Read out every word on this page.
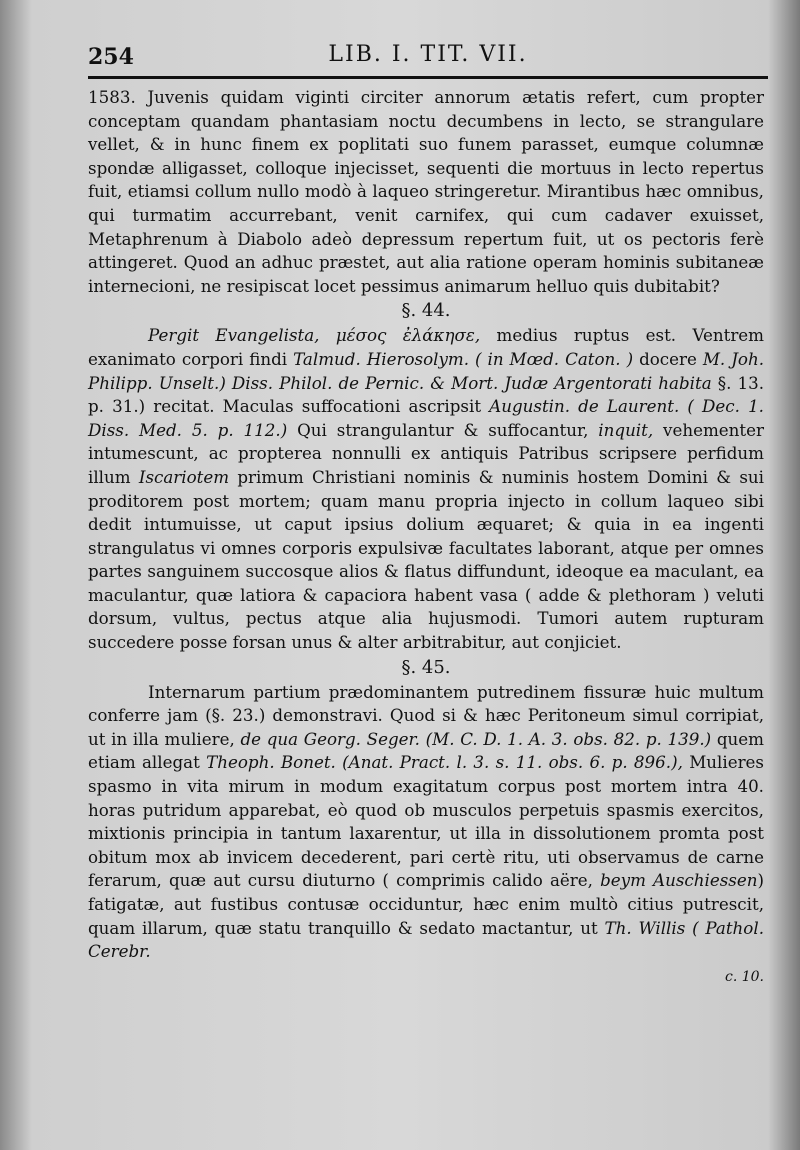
254	LIB. I. TIT. VII.

1583. Juvenis quidam viginti circiter annorum ætatis refert, cum propter conceptam quandam phantasiam noctu decumbens in lecto, se strangulare vellet, & in hunc finem ex poplitati suo funem parasset, eumque columnæ spondæ alligasset, colloque injecisset, sequenti die mortuus in lecto repertus fuit, etiamsi collum nullo modò à laqueo stringeretur. Mirantibus hæc omnibus, qui turmatim accurrebant, venit carnifex, qui cum cadaver exuisset, Metaphrenum à Diabolo adeò depressum repertum fuit, ut os pectoris ferè attingeret. Quod an adhuc præstet, aut alia ratione operam hominis subitaneæ internecioni, ne resipiscat locet pessimus animarum helluo quis dubitabit?

§. 44.

Pergit Evangelista, μέσος ἐλάκησε, medius ruptus est. Ventrem exanimato corpori findi Talmud. Hierosolym. ( in Mœd. Caton. ) docere M. Joh. Philipp. Unselt.) Diss. Philol. de Pernic. & Mort. Judæ Argentorati habita §. 13. p. 31.) recitat. Maculas suffocationi ascripsit Augustin. de Laurent. ( Dec. 1. Diss. Med. 5. p. 112.) Qui strangulantur & suffocantur, inquit, vehementer intumescunt, ac propterea nonnulli ex antiquis Patribus scripsere perfidum illum Iscariotem primum Christiani nominis & numinis hostem Domini & sui proditorem post mortem; quam manu propria injecto in collum laqueo sibi dedit intumuisse, ut caput ipsius dolium æquaret; & quia in ea ingenti strangulatus vi omnes corporis expulsivæ facultates laborant, atque per omnes partes sanguinem succosque alios & flatus diffundunt, ideoque ea maculant, ea maculantur, quæ latiora & capaciora habent vasa ( adde & plethoram ) veluti dorsum, vultus, pectus atque alia hujusmodi. Tumori autem rupturam succedere posse forsan unus & alter arbitrabitur, aut conjiciet.

§. 45.

Internarum partium prædominantem putredinem fissuræ huic multum conferre jam (§. 23.) demonstravi. Quod si & hæc Peritoneum simul corripiat, ut in illa muliere, de qua Georg. Seger. (M. C. D. 1. A. 3. obs. 82. p. 139.) quem etiam allegat Theoph. Bonet. (Anat. Pract. l. 3. s. 11. obs. 6. p. 896.), Mulieres spasmo in vita mirum in modum exagitatum corpus post mortem intra 40. horas putridum apparebat, eò quod ob musculos perpetuis spasmis exercitos, mixtionis principia in tantum laxarentur, ut illa in dissolutionem promta post obitum mox ab invicem decederent, pari certè ritu, uti observamus de carne ferarum, quæ aut cursu diuturno ( comprimis calido aëre, beym Auschiessen) fatigatæ, aut fustibus contusæ occiduntur, hæc enim multò citius putrescit, quam illarum, quæ statu tranquillo & sedato mactantur, ut Th. Willis ( Pathol. Cerebr.

c. 10.
